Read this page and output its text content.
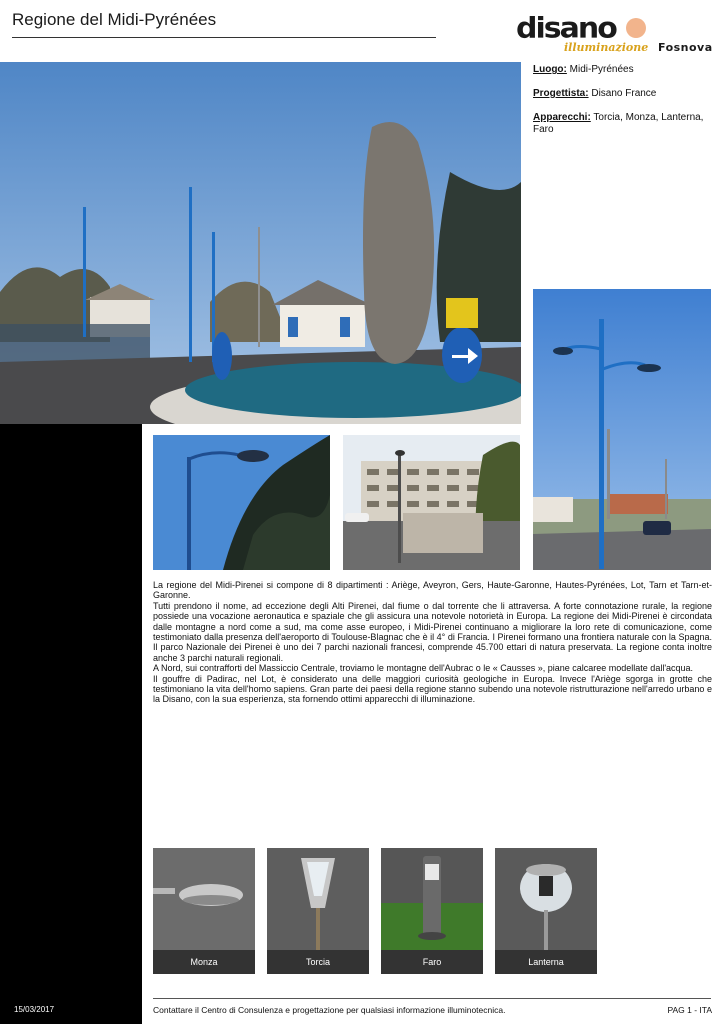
Regione del Midi-Pyrénées	disano
illuminazione Fosnova
Luogo: Midi-Pyrénées
Progettista: Disano France
Apparecchi: Torcia, Monza, Lanterna, Faro

La regione del Midi-Pirenei si compone di 8 dipartimenti : Ariège, Aveyron, Gers, Haute-Garonne, Hautes-Pyrénées, Lot, Tarn et Tarn-et-Garonne.

Tutti prendono il nome, ad eccezione degli Alti Pirenei, dal fiume o dal torrente che li attraversa. A forte connotazione rurale, la regione possiede una vocazione aeronautica e spaziale che gli assicura una notevole notorietà in Europa. La regione dei Midi-Pirenei è circondata dalle montagne a nord come a sud, ma come asse europeo, i Midi-Pirenei continuano a migliorare la loro rete di comunicazione, come testimoniato dalla presenza dell'aeroporto di Toulouse-Blagnac che è il 4° di Francia. I Pirenei formano una frontiera naturale con la Spagna. Il parco Nazionale dei Pirenei è uno dei 7 parchi nazionali francesi, comprende 45.700 ettari di natura preservata. La regione conta inoltre anche 3 parchi naturali regionali.

A Nord, sui contrafforti del Massiccio Centrale, troviamo le montagne dell'Aubrac o le « Causses », piane calcaree modellate dall'acqua.

Il gouffre di Padirac, nel Lot, è considerato una delle maggiori curiosità geologiche in Europa. Invece l'Ariège sgorga in grotte che testimoniano la vita dell'homo sapiens. Gran parte dei paesi della regione stanno subendo una notevole ristrutturazione nell'arredo urbano e la Disano, con la sua esperienza, sta fornendo ottimi apparecchi di illuminazione.

Monza	Torcia	Faro	Lanterna
15/03/2017	Contattare il Centro di Consulenza e progettazione per qualsiasi informazione illuminotecnica.	PAG 1 - ITA
